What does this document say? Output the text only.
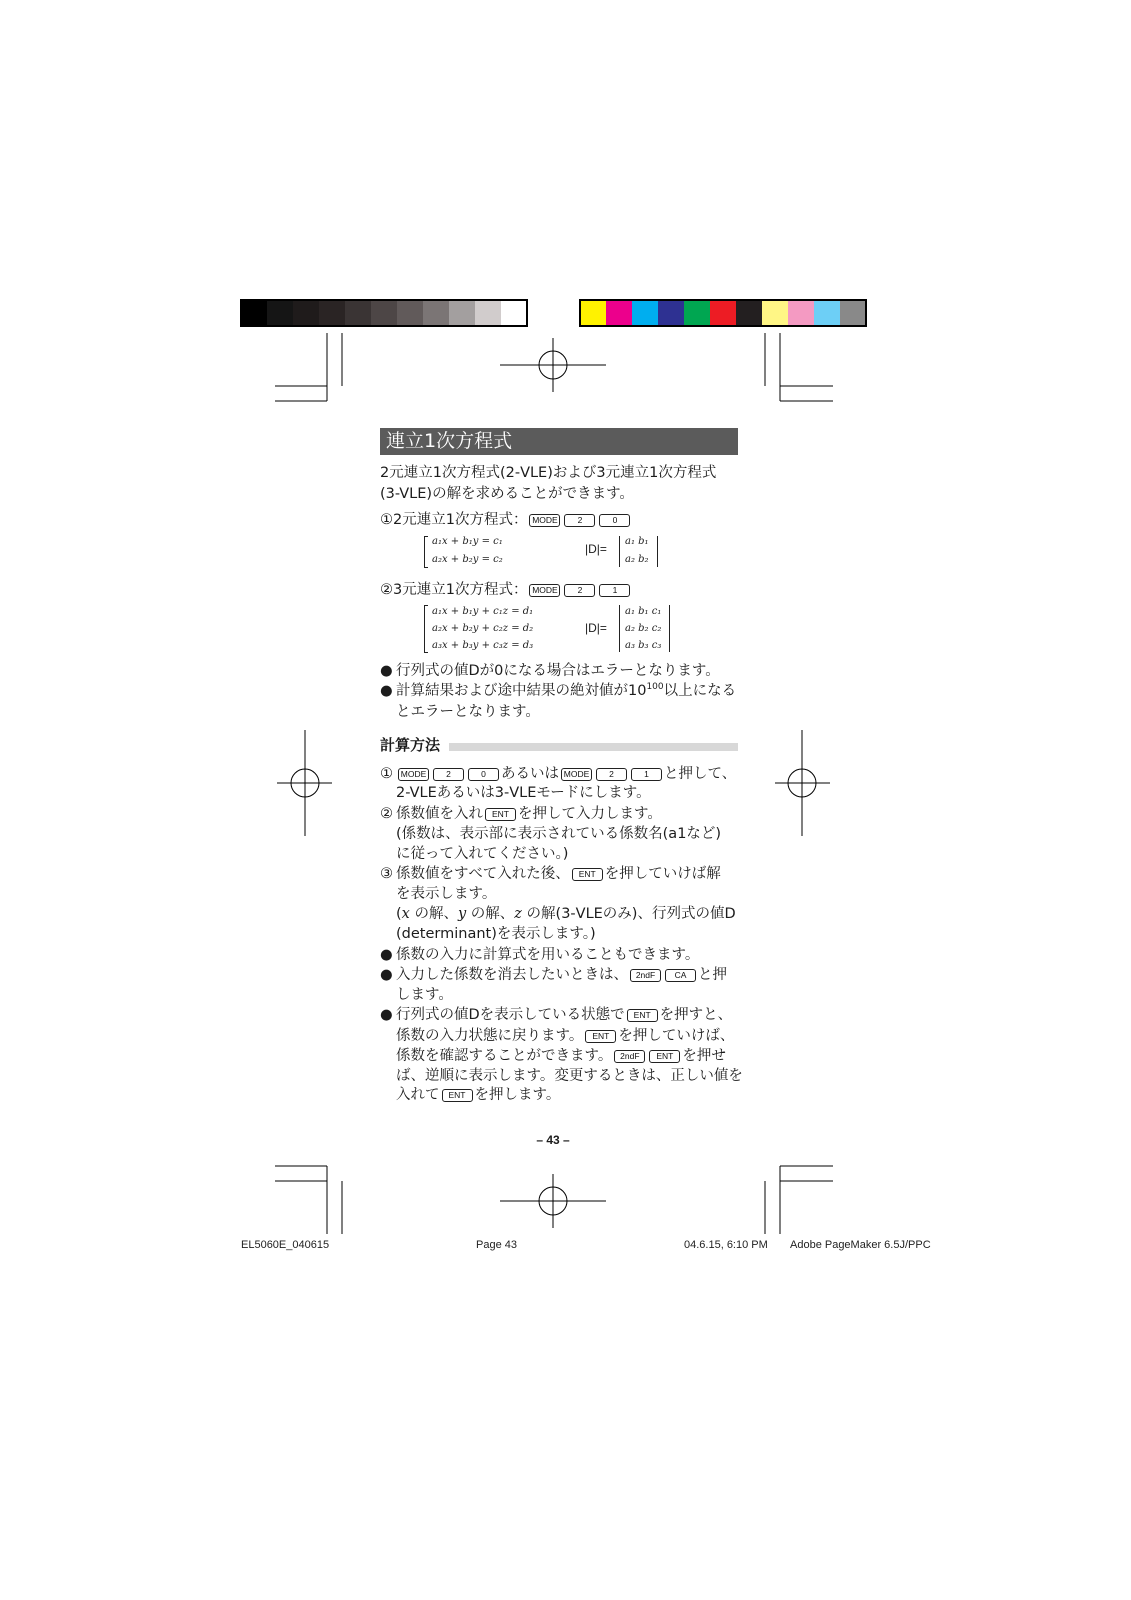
連立1次方程式
2元連立1次方程式(2-VLE)および3元連立1次方程式
(3-VLE)の解を求めることができます。
①2元連立1次方程式： MODE 2	0
a₁x + b₁y = c₁
a₂x + b₂y = c₂
|D|=
a₁ b₁
a₂ b₂
②3元連立1次方程式： MODE 2	1
a₁x + b₁y + c₁z = d₁
a₂x + b₂y + c₂z = d₂
a₃x + b₃y + c₃z = d₃
|D|=
a₁ b₁ c₁
a₂ b₂ c₂
a₃ b₃ c₃
● 行列式の値Dが0になる場合はエラーとなります。
● 計算結果および途中結果の絶対値が$10^{100}$以上になる
とエラーとなります。
計算方法
① MODE 2	0 あるいは MODE 2	1 と押して、
2-VLEあるいは3-VLEモードにします。
② 係数値を入れ ENT を押して入力します。
(係数は、表示部に表示されている係数名(a1など)
に従って入れてください。)
③ 係数値をすべて入れた後、 ENT を押していけば解
を表示します。
(x の解、y の解、z の解(3-VLEのみ)、行列式の値D
(determinant)を表示します。)
● 係数の入力に計算式を用いることもできます。
● 入力した係数を消去したいときは、 2ndF CA と押
します。
● 行列式の値Dを表示している状態で ENT を押すと、
係数の入力状態に戻ります。 ENT を押していけば、
係数を確認することができます。 2ndF ENT を押せ
ば、逆順に表示します。変更するときは、正しい値を
入れて ENT を押します。
– 43 –
EL5060E_040615	Page 43	04.6.15, 6:10 PM Adobe PageMaker 6.5J/PPC
